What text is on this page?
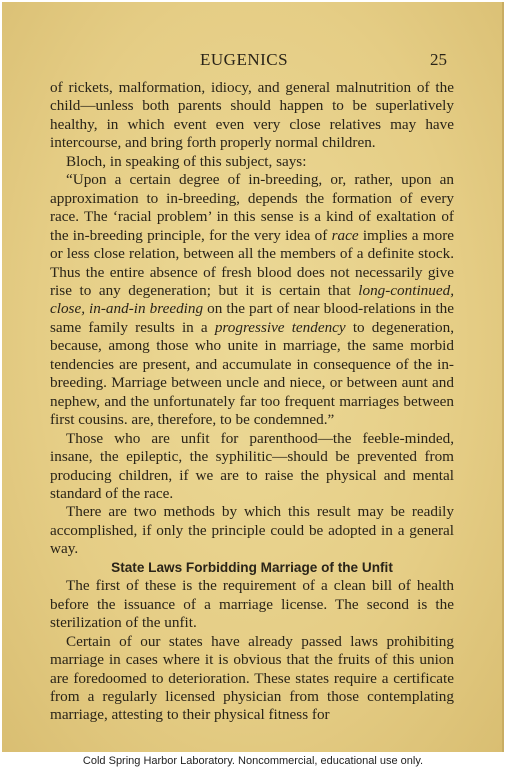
EUGENICS	25

of rickets, malformation, idiocy, and general malnutrition of the child—unless both parents should happen to be superlatively healthy, in which event even very close relatives may have intercourse, and bring forth properly normal children.

Bloch, in speaking of this subject, says:

“Upon a certain degree of in-breeding, or, rather, upon an approximation to in-breeding, depends the formation of every race. The ‘racial problem’ in this sense is a kind of exaltation of the in-breeding principle, for the very idea of race implies a more or less close relation, between all the members of a definite stock. Thus the entire absence of fresh blood does not necessarily give rise to any degeneration; but it is certain that long-continued, close, in-and-in breeding on the part of near blood-relations in the same family results in a progressive tendency to degeneration, because, among those who unite in marriage, the same morbid tendencies are present, and accumulate in consequence of the in-breeding. Marriage between uncle and niece, or between aunt and nephew, and the unfortunately far too frequent marriages between first cousins. are, therefore, to be condemned.”

Those who are unfit for parenthood—the feeble-minded, insane, the epileptic, the syphilitic—should be prevented from producing children, if we are to raise the physical and mental standard of the race.

There are two methods by which this result may be readily accomplished, if only the principle could be adopted in a general way.

State Laws Forbidding Marriage of the Unfit

The first of these is the requirement of a clean bill of health before the issuance of a marriage license. The second is the sterilization of the unfit.

Certain of our states have already passed laws prohibiting marriage in cases where it is obvious that the fruits of this union are foredoomed to deterioration. These states require a certificate from a regularly licensed physician from those contemplating marriage, attesting to their physical fitness for

Cold Spring Harbor Laboratory. Noncommercial, educational use only.
